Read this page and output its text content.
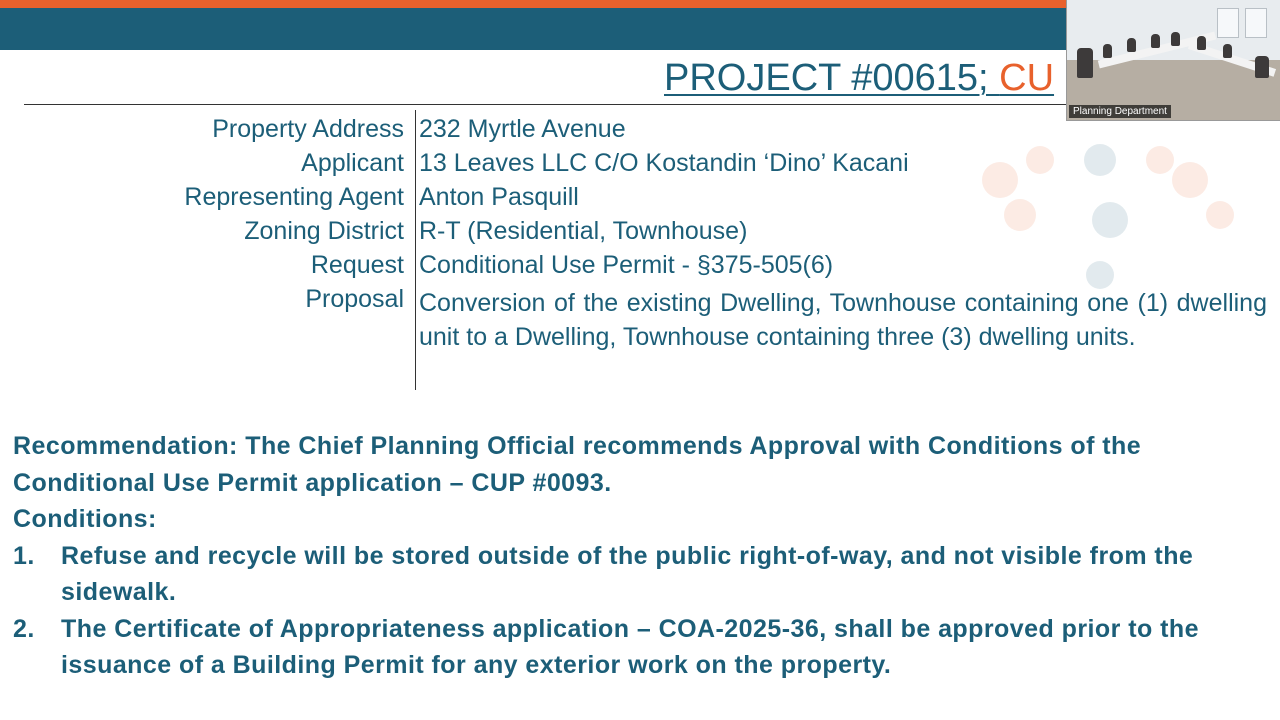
PROJECT #00615; CU
Property Address 232 Myrtle Avenue
Applicant 13 Leaves LLC C/O Kostandin ‘Dino’ Kacani
Representing Agent Anton Pasquill
Zoning District R-T (Residential, Townhouse)
Request Conditional Use Permit - §375-505(6)
Proposal Conversion of the existing Dwelling, Townhouse containing one (1) dwelling unit to a Dwelling, Townhouse containing three (3) dwelling units.

Recommendation: The Chief Planning Official recommends Approval with Conditions of the Conditional Use Permit application – CUP #0093.

Conditions:

1. Refuse and recycle will be stored outside of the public right-of-way, and not visible from the sidewalk.

2. The Certificate of Appropriateness application – COA-2025-36, shall be approved prior to the issuance of a Building Permit for any exterior work on the property.

Planning Department
